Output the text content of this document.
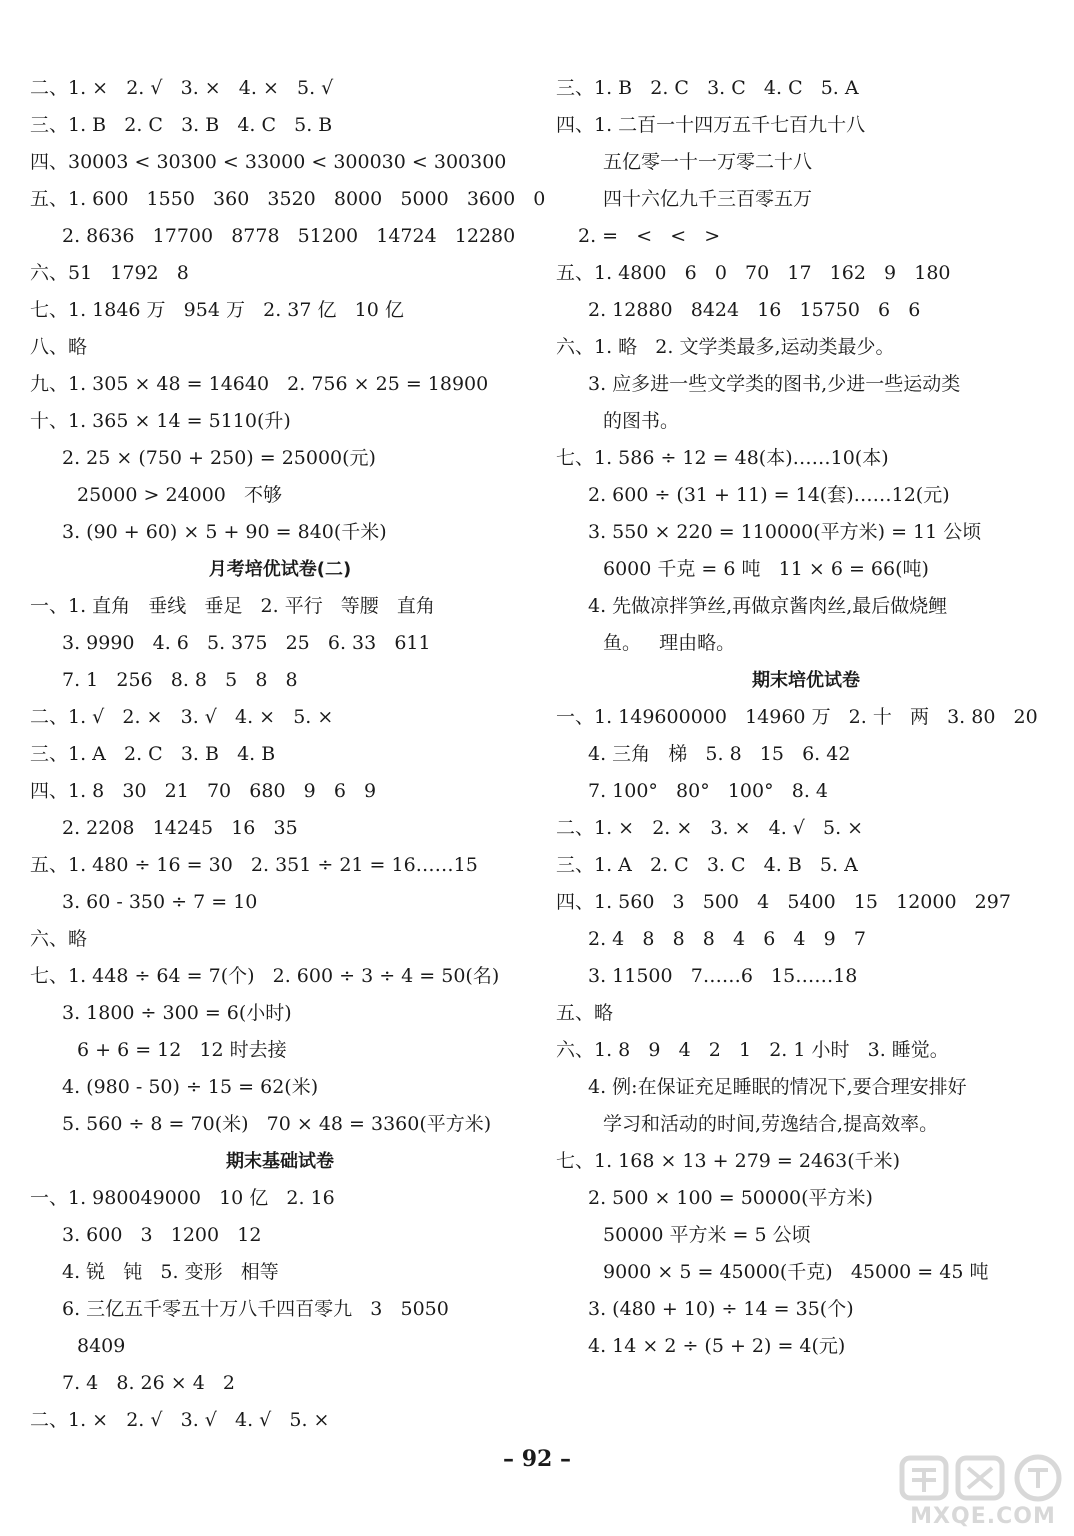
二、1. ×   2. √   3. ×   4. ×   5. √
三、1. B   2. C   3. B   4. C   5. B
四、30003 < 30300 < 33000 < 300030 < 300300
五、1. 600   1550   360   3520   8000   5000   3600   0
2. 8636   17700   8778   51200   14724   12280
六、51   1792   8
七、1. 1846 万   954 万   2. 37 亿   10 亿
八、略
九、1. 305 × 48 = 14640   2. 756 × 25 = 18900
十、1. 365 × 14 = 5110(升)
2. 25 × (750 + 250) = 25000(元)
25000 > 24000   不够
3. (90 + 60) × 5 + 90 = 840(千米)
月考培优试卷(二)
一、1. 直角   垂线   垂足   2. 平行   等腰   直角
3. 9990   4. 6   5. 375   25   6. 33   611
7. 1   256   8. 8   5   8   8
二、1. √   2. ×   3. √   4. ×   5. ×
三、1. A   2. C   3. B   4. B
四、1. 8   30   21   70   680   9   6   9
2. 2208   14245   16   35
五、1. 480 ÷ 16 = 30   2. 351 ÷ 21 = 16……15
3. 60 - 350 ÷ 7 = 10
六、略
七、1. 448 ÷ 64 = 7(个)   2. 600 ÷ 3 ÷ 4 = 50(名)
3. 1800 ÷ 300 = 6(小时)
6 + 6 = 12   12 时去接
4. (980 - 50) ÷ 15 = 62(米)
5. 560 ÷ 8 = 70(米)   70 × 48 = 3360(平方米)
期末基础试卷
一、1. 980049000   10 亿   2. 16
3. 600   3   1200   12
4. 锐   钝   5. 变形   相等
6. 三亿五千零五十万八千四百零九   3   5050
8409
7. 4   8. 26 × 4   2
二、1. ×   2. √   3. √   4. √   5. ×
三、1. B   2. C   3. C   4. C   5. A
四、1. 二百一十四万五千七百九十八
五亿零一十一万零二十八
四十六亿九千三百零五万
2. =   <   <   >
五、1. 4800   6   0   70   17   162   9   180
2. 12880   8424   16   15750   6   6
六、1. 略   2. 文学类最多,运动类最少。
3. 应多进一些文学类的图书,少进一些运动类
的图书。
七、1. 586 ÷ 12 = 48(本)……10(本)
2. 600 ÷ (31 + 11) = 14(套)……12(元)
3. 550 × 220 = 110000(平方米) = 11 公顷
6000 千克 = 6 吨   11 × 6 = 66(吨)
4. 先做凉拌笋丝,再做京酱肉丝,最后做烧鲤
鱼。   理由略。
期末培优试卷
一、1. 149600000   14960 万   2. 十   两   3. 80   20
4. 三角   梯   5. 8   15   6. 42
7. 100°   80°   100°   8. 4
二、1. ×   2. ×   3. ×   4. √   5. ×
三、1. A   2. C   3. C   4. B   5. A
四、1. 560   3   500   4   5400   15   12000   297
2. 4   8   8   8   4   6   4   9   7
3. 11500   7……6   15……18
五、略
六、1. 8   9   4   2   1   2. 1 小时   3. 睡觉。
4. 例:在保证充足睡眠的情况下,要合理安排好
学习和活动的时间,劳逸结合,提高效率。
七、1. 168 × 13 + 279 = 2463(千米)
2. 500 × 100 = 50000(平方米)
50000 平方米 = 5 公顷
9000 × 5 = 45000(千克)   45000 = 45 吨
3. (480 + 10) ÷ 14 = 35(个)
4. 14 × 2 ÷ (5 + 2) = 4(元)
– 92 –
MXQE.COM
